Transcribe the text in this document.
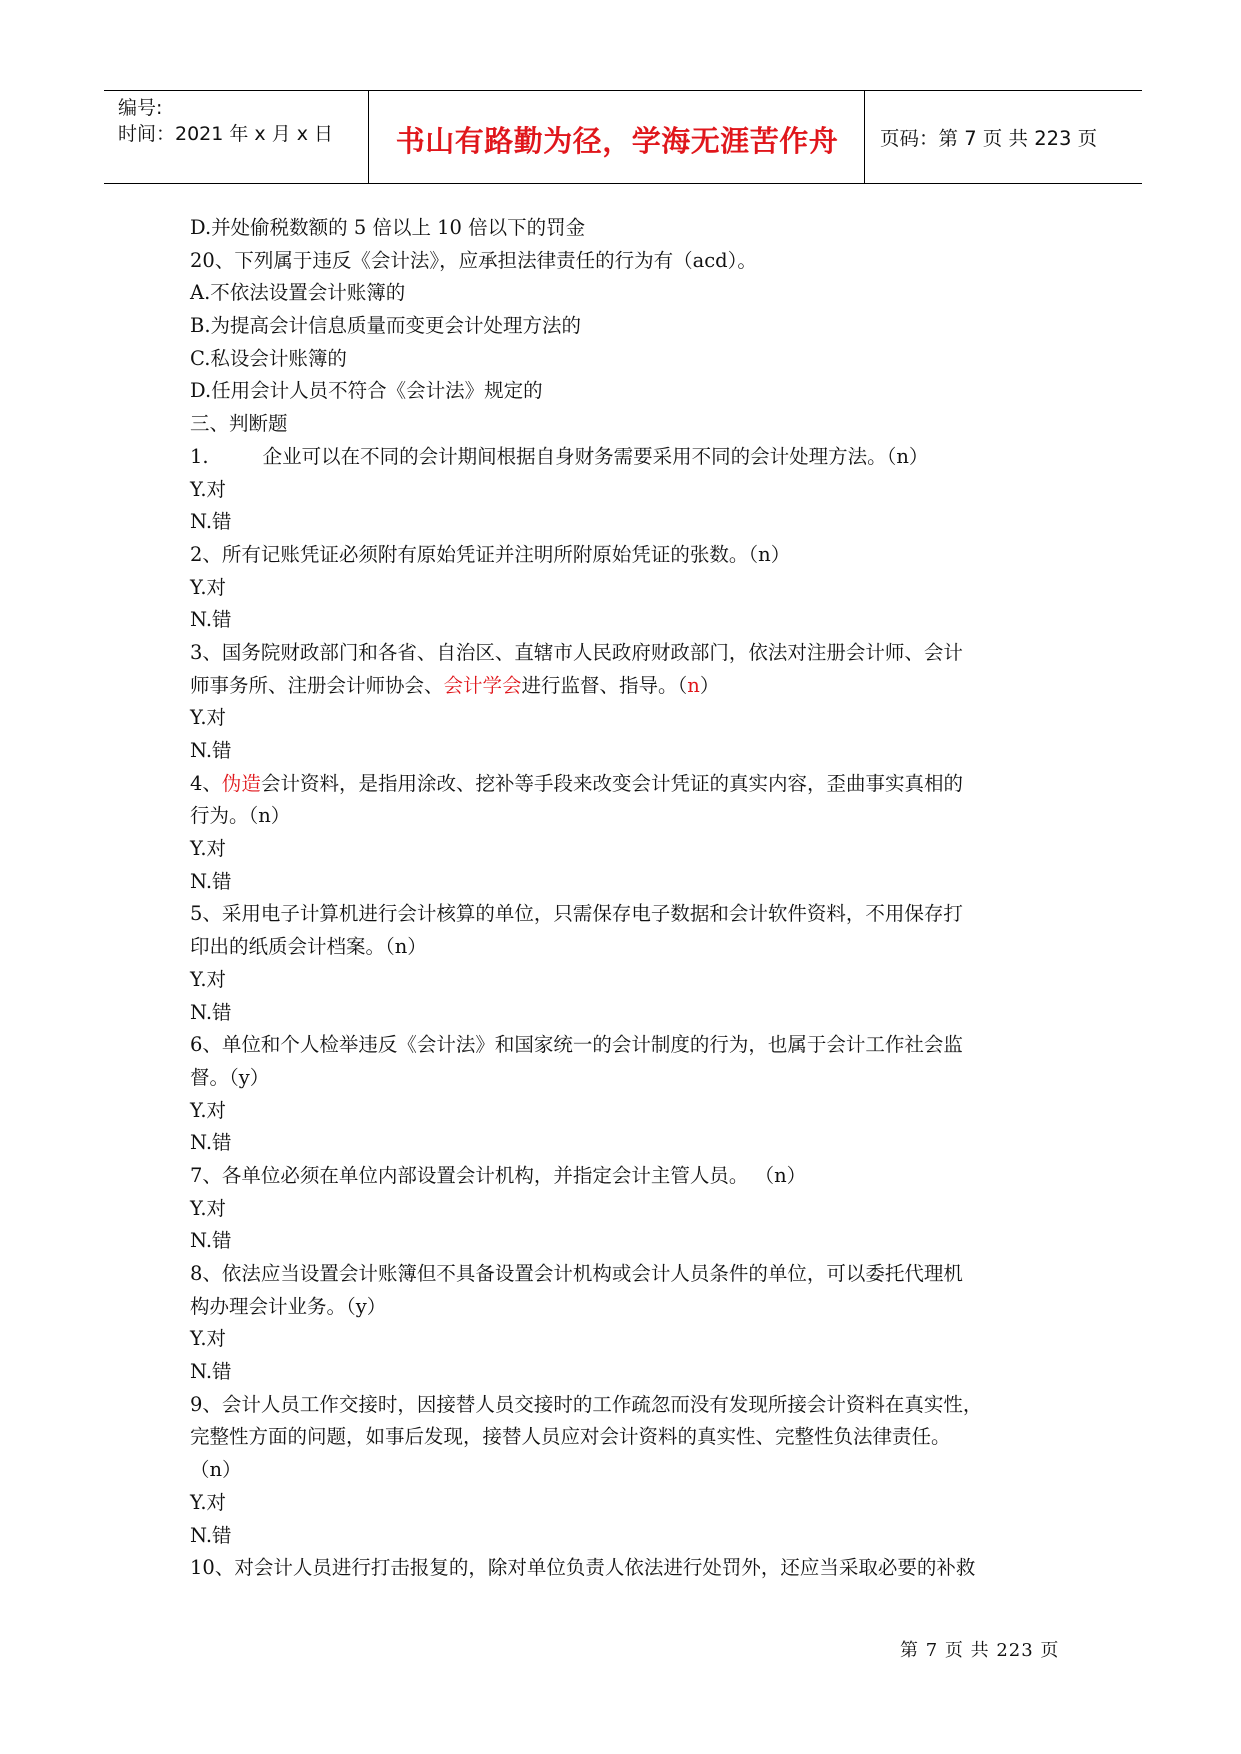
编号:
时间：2021 年 x 月 x 日	书山有路勤为径，学海无涯苦作舟	页码：第 7 页 共 223 页
D.并处偷税数额的 5 倍以上 10 倍以下的罚金
20、下列属于违反《会计法》，应承担法律责任的行为有（acd）。
A.不依法设置会计账簿的
B.为提高会计信息质量而变更会计处理方法的
C.私设会计账簿的
D.任用会计人员不符合《会计法》规定的
三、判断题
1.	企业可以在不同的会计期间根据自身财务需要采用不同的会计处理方法。（n）
Y.对
N.错
2、所有记账凭证必须附有原始凭证并注明所附原始凭证的张数。（n）
Y.对
N.错
3、国务院财政部门和各省、自治区、直辖市人民政府财政部门，依法对注册会计师、会计
师事务所、注册会计师协会、会计学会进行监督、指导。（n）
Y.对
N.错
4、伪造会计资料，是指用涂改、挖补等手段来改变会计凭证的真实内容，歪曲事实真相的
行为。（n）
Y.对
N.错
5、采用电子计算机进行会计核算的单位，只需保存电子数据和会计软件资料，不用保存打
印出的纸质会计档案。（n）
Y.对
N.错
6、单位和个人检举违反《会计法》和国家统一的会计制度的行为，也属于会计工作社会监
督。（y）
Y.对
N.错
7、各单位必须在单位内部设置会计机构，并指定会计主管人员。 （n）
Y.对
N.错
8、依法应当设置会计账簿但不具备设置会计机构或会计人员条件的单位，可以委托代理机
构办理会计业务。（y）
Y.对
N.错
9、会计人员工作交接时，因接替人员交接时的工作疏忽而没有发现所接会计资料在真实性，
完整性方面的问题，如事后发现，接替人员应对会计资料的真实性、完整性负法律责任。
（n）
Y.对
N.错
10、对会计人员进行打击报复的，除对单位负责人依法进行处罚外，还应当采取必要的补救
第 7 页 共 223 页
